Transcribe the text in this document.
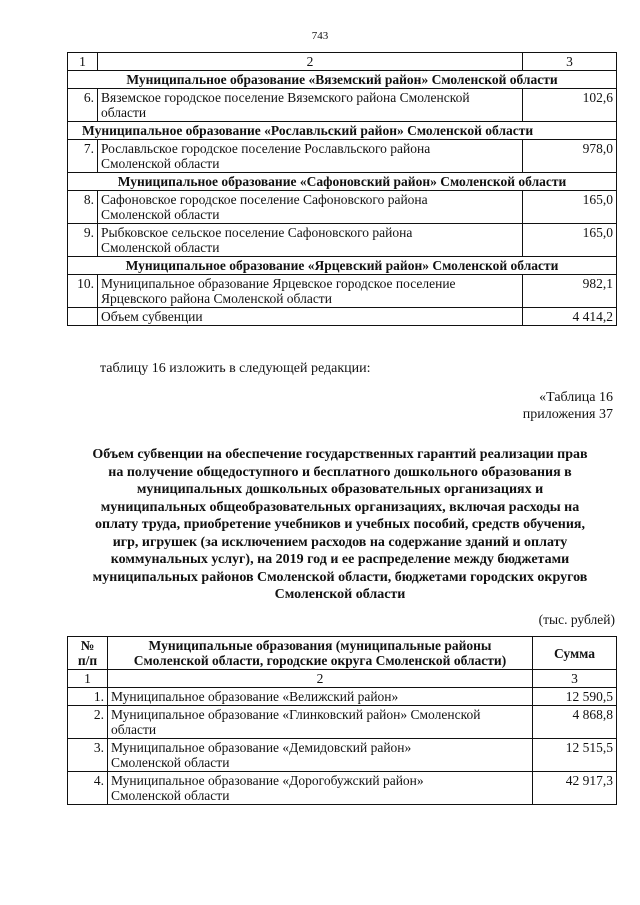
743
1	2	3
Муниципальное образование «Вяземский район» Смоленской области		
6.	Вяземское городское поселение Вяземского района Смоленской
области	102,6
Муниципальное образование «Рославльский район» Смоленской области		
7.	Рославльское городское поселение Рославльского района
Смоленской области	978,0
Муниципальное образование «Сафоновский район» Смоленской области		
8.	Сафоновское городское поселение Сафоновского района
Смоленской области	165,0
9.	Рыбковское сельское поселение Сафоновского района
Смоленской области	165,0
Муниципальное образование «Ярцевский район» Смоленской области		
10.	Муниципальное образование Ярцевское городское поселение
Ярцевского района Смоленской области	982,1
	Объем субвенции	4 414,2
таблицу 16 изложить в следующей редакции:
«Таблица 16
приложения 37
Объем субвенции на обеспечение государственных гарантий реализации прав
на получение общедоступного и бесплатного дошкольного образования в
муниципальных дошкольных образовательных организациях и
муниципальных общеобразовательных организациях, включая расходы на
оплату труда, приобретение учебников и учебных пособий, средств обучения,
игр, игрушек (за исключением расходов на содержание зданий и оплату
коммунальных услуг), на 2019 год и ее распределение между бюджетами
муниципальных районов Смоленской области, бюджетами городских округов
Смоленской области
(тыс. рублей)
№
п/п	Муниципальные образования (муниципальные районы
Смоленской области, городские округа Смоленской области)	Сумма
1	2	3
1.	Муниципальное образование «Велижский район»	12 590,5
2.	Муниципальное образование «Глинковский район» Смоленской
области	4 868,8
3.	Муниципальное образование «Демидовский район»
Смоленской области	12 515,5
4.	Муниципальное образование «Дорогобужский район»
Смоленской области	42 917,3
